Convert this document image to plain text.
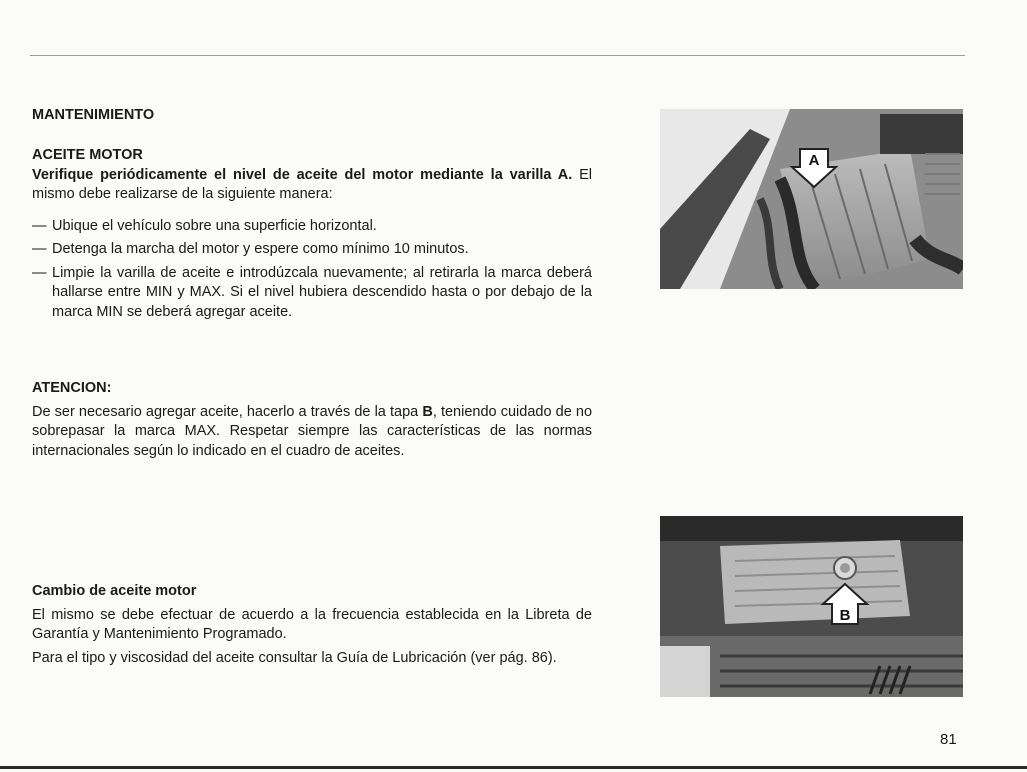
MANTENIMIENTO

ACEITE MOTOR

Verifique periódicamente el nivel de aceite del motor mediante la varilla A. El mismo debe realizarse de la siguiente manera:

— Ubique el vehículo sobre una superficie horizontal.
— Detenga la marcha del motor y espere como mínimo 10 minutos.
— Limpie la varilla de aceite e introdúzcala nuevamente; al retirarla la marca deberá hallarse entre MIN y MAX. Si el nivel hubiera descendido hasta o por debajo de la marca MIN se deberá agregar aceite.

ATENCION:

De ser necesario agregar aceite, hacerlo a través de la tapa B, teniendo cuidado de no sobrepasar la marca MAX. Respetar siempre las características de las normas internacionales según lo indicado en el cuadro de aceites.

Cambio de aceite motor

El mismo se debe efectuar de acuerdo a la frecuencia establecida en la Libreta de Garantía y Mantenimiento Programado.

Para el tipo y viscosidad del aceite consultar la Guía de Lubricación (ver pág. 86).

A
B
81
